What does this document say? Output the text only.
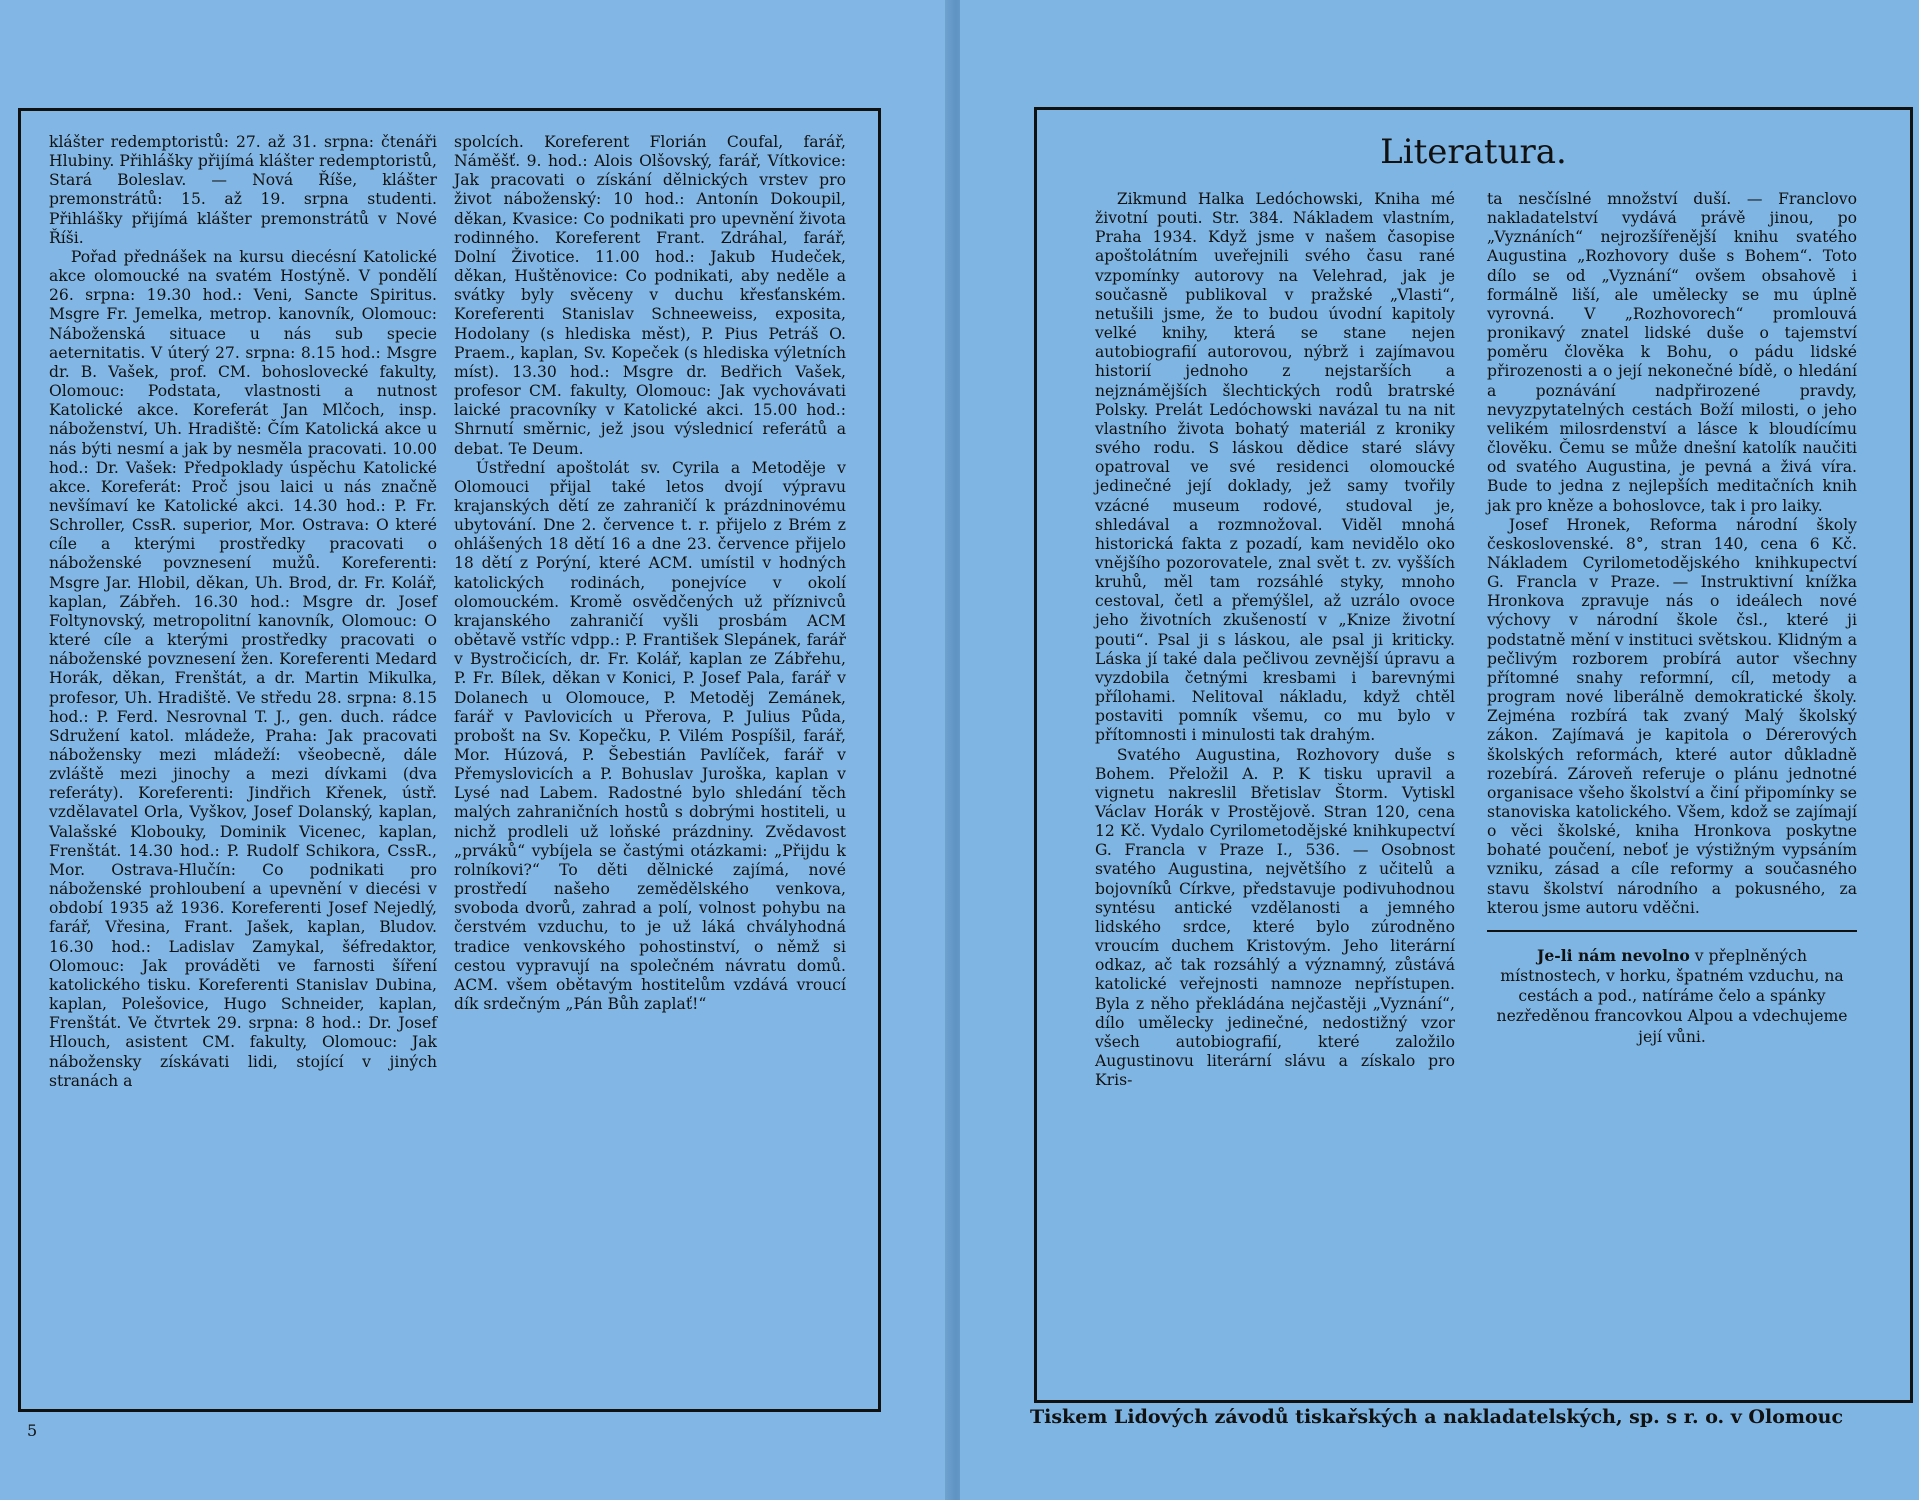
klášter redemptoristů: 27. až 31. srpna: čtenáři Hlubiny. Přihlášky přijímá klášter redemptoristů, Stará Boleslav. — Nová Říše, klášter premonstrátů: 15. až 19. srpna studenti. Přihlášky přijímá klášter premonstrátů v Nové Říši.

Pořad přednášek na kursu diecésní Katolické akce olomoucké na svatém Hostýně. V pondělí 26. srpna: 19.30 hod.: Veni, Sancte Spiritus. Msgre Fr. Jemelka, metrop. kanovník, Olomouc: Náboženská situace u nás sub specie aeternitatis. V úterý 27. srpna: 8.15 hod.: Msgre dr. B. Vašek, prof. CM. bohoslovecké fakulty, Olomouc: Podstata, vlastnosti a nutnost Katolické akce. Koreferát Jan Mlčoch, insp. náboženství, Uh. Hradiště: Čím Katolická akce u nás býti nesmí a jak by nesměla pracovati. 10.00 hod.: Dr. Vašek: Předpoklady úspěchu Katolické akce. Koreferát: Proč jsou laici u nás značně nevšímaví ke Katolické akci. 14.30 hod.: P. Fr. Schroller, CssR. superior, Mor. Ostrava: O které cíle a kterými prostředky pracovati o náboženské povznesení mužů. Koreferenti: Msgre Jar. Hlobil, děkan, Uh. Brod, dr. Fr. Kolář, kaplan, Zábřeh. 16.30 hod.: Msgre dr. Josef Foltynovský, metropolitní kanovník, Olomouc: O které cíle a kterými prostředky pracovati o náboženské povznesení žen. Koreferenti Medard Horák, děkan, Frenštát, a dr. Martin Mikulka, profesor, Uh. Hradiště. Ve středu 28. srpna: 8.15 hod.: P. Ferd. Nesrovnal T. J., gen. duch. rádce Sdružení katol. mládeže, Praha: Jak pracovati nábožensky mezi mládeží: všeobecně, dále zvláště mezi jinochy a mezi dívkami (dva referáty). Koreferenti: Jindřich Křenek, ústř. vzdělavatel Orla, Vyškov, Josef Dolanský, kaplan, Valašské Klobouky, Dominik Vicenec, kaplan, Frenštát. 14.30 hod.: P. Rudolf Schikora, CssR., Mor. Ostrava-Hlučín: Co podnikati pro náboženské prohloubení a upevnění v diecési v období 1935 až 1936. Koreferenti Josef Nejedlý, farář, Vřesina, Frant. Jašek, kaplan, Bludov. 16.30 hod.: Ladislav Zamykal, šéfredaktor, Olomouc: Jak prováděti ve farnosti šíření katolického tisku. Koreferenti Stanislav Dubina, kaplan, Polešovice, Hugo Schneider, kaplan, Frenštát. Ve čtvrtek 29. srpna: 8 hod.: Dr. Josef Hlouch, asistent CM. fakulty, Olomouc: Jak nábožensky získávati lidi, stojící v jiných stranách a

spolcích. Koreferent Florián Coufal, farář, Náměšť. 9. hod.: Alois Olšovský, farář, Vítkovice: Jak pracovati o získání dělnických vrstev pro život náboženský: 10 hod.: Antonín Dokoupil, děkan, Kvasice: Co podnikati pro upevnění života rodinného. Koreferent Frant. Zdráhal, farář, Dolní Životice. 11.00 hod.: Jakub Hudeček, děkan, Huštěnovice: Co podnikati, aby neděle a svátky byly svěceny v duchu křesťanském. Koreferenti Stanislav Schneeweiss, exposita, Hodolany (s hlediska měst), P. Pius Petráš O. Praem., kaplan, Sv. Kopeček (s hlediska výletních míst). 13.30 hod.: Msgre dr. Bedřich Vašek, profesor CM. fakulty, Olomouc: Jak vychovávati laické pracovníky v Katolické akci. 15.00 hod.: Shrnutí směrnic, jež jsou výslednicí referátů a debat. Te Deum.

Ústřední apoštolát sv. Cyrila a Metoděje v Olomouci přijal také letos dvojí výpravu krajanských dětí ze zahraničí k prázdninovému ubytování. Dne 2. července t. r. přijelo z Brém z ohlášených 18 dětí 16 a dne 23. července přijelo 18 dětí z Porýní, které ACM. umístil v hodných katolických rodinách, ponejvíce v okolí olomouckém. Kromě osvědčených už příznivců krajanského zahraničí vyšli prosbám ACM obětavě vstříc vdpp.: P. František Slepánek, farář v Bystročicích, dr. Fr. Kolář, kaplan ze Zábřehu, P. Fr. Bílek, děkan v Konici, P. Josef Pala, farář v Dolanech u Olomouce, P. Metoděj Zemánek, farář v Pavlovicích u Přerova, P. Julius Půda, probošt na Sv. Kopečku, P. Vilém Pospíšil, farář, Mor. Húzová, P. Šebestián Pavlíček, farář v Přemyslovicích a P. Bohuslav Juroška, kaplan v Lysé nad Labem. Radostné bylo shledání těch malých zahraničních hostů s dobrými hostiteli, u nichž prodleli už loňské prázdniny. Zvědavost „prváků“ vybíjela se častými otázkami: „Přijdu k rolníkovi?“ To děti dělnické zajímá, nové prostředí našeho zemědělského venkova, svoboda dvorů, zahrad a polí, volnost pohybu na čerstvém vzduchu, to je už láká chvályhodná tradice venkovského pohostinství, o němž si cestou vypravují na společném návratu domů. ACM. všem obětavým hostitelům vzdává vroucí dík srdečným „Pán Bůh zaplať!“

5
Literatura.

Zikmund Halka Ledóchowski, Kniha mé životní pouti. Str. 384. Nákladem vlastním, Praha 1934. Když jsme v našem časopise apoštolátním uveřejnili svého času rané vzpomínky autorovy na Velehrad, jak je současně publikoval v pražské „Vlasti“, netušili jsme, že to budou úvodní kapitoly velké knihy, která se stane nejen autobiografií autorovou, nýbrž i zajímavou historií jednoho z nejstarších a nejznámějších šlechtických rodů bratrské Polsky. Prelát Ledóchowski navázal tu na nit vlastního života bohatý materiál z kroniky svého rodu. S láskou dědice staré slávy opatroval ve své residenci olomoucké jedinečné její doklady, jež samy tvořily vzácné museum rodové, studoval je, shledával a rozmnožoval. Viděl mnohá historická fakta z pozadí, kam nevidělo oko vnějšího pozorovatele, znal svět t. zv. vyšších kruhů, měl tam rozsáhlé styky, mnoho cestoval, četl a přemýšlel, až uzrálo ovoce jeho životních zkušeností v „Knize životní pouti“. Psal ji s láskou, ale psal ji kriticky. Láska jí také dala pečlivou zevnější úpravu a vyzdobila četnými kresbami i barevnými přílohami. Nelitoval nákladu, když chtěl postaviti pomník všemu, co mu bylo v přítomnosti i minulosti tak drahým.

Svatého Augustina, Rozhovory duše s Bohem. Přeložil A. P. K tisku upravil a vignetu nakreslil Břetislav Štorm. Vytiskl Václav Horák v Prostějově. Stran 120, cena 12 Kč. Vydalo Cyrilometodějské knihkupectví G. Francla v Praze I., 536. — Osobnost svatého Augustina, největšího z učitelů a bojovníků Církve, představuje podivuhodnou syntésu antické vzdělanosti a jemného lidského srdce, které bylo zúrodněno vroucím duchem Kristovým. Jeho literární odkaz, ač tak rozsáhlý a významný, zůstává katolické veřejnosti namnoze nepřístupen. Byla z něho překládána nejčastěji „Vyznání“, dílo umělecky jedinečné, nedostižný vzor všech autobiografií, které založilo Augustinovu literární slávu a získalo pro Kris-

ta nesčíslné množství duší. — Franclovo nakladatelství vydává právě jinou, po „Vyznáních“ nejrozšířenější knihu svatého Augustina „Rozhovory duše s Bohem“. Toto dílo se od „Vyznání“ ovšem obsahově i formálně liší, ale umělecky se mu úplně vyrovná. V „Rozhovorech“ promlouvá pronikavý znatel lidské duše o tajemství poměru člověka k Bohu, o pádu lidské přirozenosti a o její nekonečné bídě, o hledání a poznávání nadpřirozené pravdy, nevyzpytatelných cestách Boží milosti, o jeho velikém milosrdenství a lásce k bloudícímu člověku. Čemu se může dnešní katolík naučiti od svatého Augustina, je pevná a živá víra. Bude to jedna z nejlepších meditačních knih jak pro kněze a bohoslovce, tak i pro laiky.

Josef Hronek, Reforma národní školy československé. 8°, stran 140, cena 6 Kč. Nákladem Cyrilometodějského knihkupectví G. Francla v Praze. — Instruktivní knížka Hronkova zpravuje nás o ideálech nové výchovy v národní škole čsl., které ji podstatně mění v instituci světskou. Klidným a pečlivým rozborem probírá autor všechny přítomné snahy reformní, cíl, metody a program nové liberálně demokratické školy. Zejména rozbírá tak zvaný Malý školský zákon. Zajímavá je kapitola o Dérerových školských reformách, které autor důkladně rozebírá. Zároveň referuje o plánu jednotné organisace všeho školství a činí připomínky se stanoviska katolického. Všem, kdož se zajímají o věci školské, kniha Hronkova poskytne bohaté poučení, neboť je výstižným vypsáním vzniku, zásad a cíle reformy a současného stavu školství národního a pokusného, za kterou jsme autoru vděčni.

Je-li nám nevolno v přeplněných místnostech, v horku, špatném vzduchu, na cestách a pod., natíráme čelo a spánky nezředěnou francovkou Alpou a vdechujeme její vůni.

Tiskem Lidových závodů tiskařských a nakladatelských, sp. s r. o. v Olomouc
